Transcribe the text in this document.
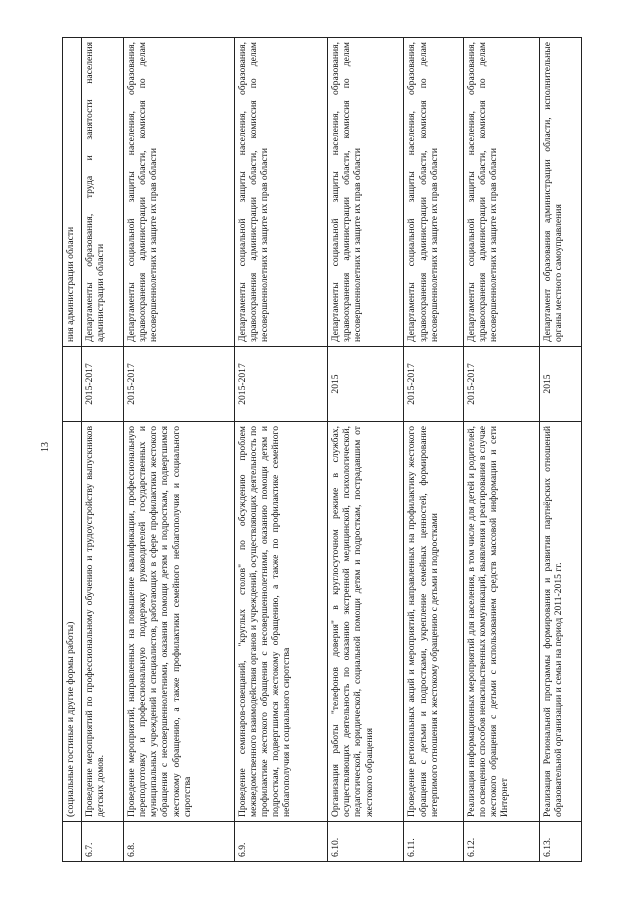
13
	(социальные гостиные и другие формы работы)		ния администрации области
6.7.	Проведение мероприятий по профессиональному обучению и трудоустройству выпускников детских домов.	2015-2017	Департаменты образования, труда и занятости населения администрации области
6.8.	Проведение мероприятий, направленных на повышение квалификации, профессиональную переподготовку и профессиональную поддержку руководителей государственных и муниципальных учреждений и специалистов, работающих в сфере профилактики жестокого обращения с несовершеннолетними, оказания помощи детям и подросткам, подвергшимся жестокому обращению, а также профилактики семейного неблагополучия и социального сиротства	2015-2017	Департаменты социальной защиты населения, образования, здравоохранения администрации области, комиссия по делам несовершеннолетних и защите их прав области
6.9.	Проведение семинаров-совещаний, "круглых столов" по обсуждению проблем межведомственного взаимодействия органов и учреждений, осуществляющих деятельность по профилактике жестокого обращения с несовершеннолетними, оказанию помощи детям и подросткам, подвергшимся жестокому обращению, а также по профилактике семейного неблагополучия и социального сиротства	2015-2017	Департаменты социальной защиты населения, образования, здравоохранения администрации области, комиссия по делам несовершеннолетних и защите их прав области
6.10.	Организация работы "телефонов доверия" в круглосуточном режиме в службах, осуществляющих деятельность по оказанию экстренной медицинской, психологической, педагогической, юридической, социальной помощи детям и подросткам, пострадавшим от жестокого обращения	2015	Департаменты социальной защиты населения, образования, здравоохранения администрации области, комиссия по делам несовершеннолетних и защите их прав области
6.11.	Проведение региональных акций и мероприятий, направленных на профилактику жестокого обращения с детьми и подростками, укрепление семейных ценностей, формирование нетерпимого отношения к жестокому обращению с детьми и подростками	2015-2017	Департаменты социальной защиты населения, образования, здравоохранения администрации области, комиссия по делам несовершеннолетних и защите их прав области
6.12.	Реализация информационных мероприятий для населения, в том числе для детей и родителей, по освещению способов ненасильственных коммуникаций, выявления и реагирования в случае жестокого обращения с детьми с использованием средств массовой информации и сети Интернет	2015-2017	Департаменты социальной защиты населения, образования, здравоохранения администрации области, комиссия по делам несовершеннолетних и защите их прав области
6.13.	Реализация Региональной программы формирования и развития партнёрских отношений образовательной организации и семьи на период 2011-2015 гг.	2015	Департамент образования администрации области, исполнительные органы местного самоуправления
